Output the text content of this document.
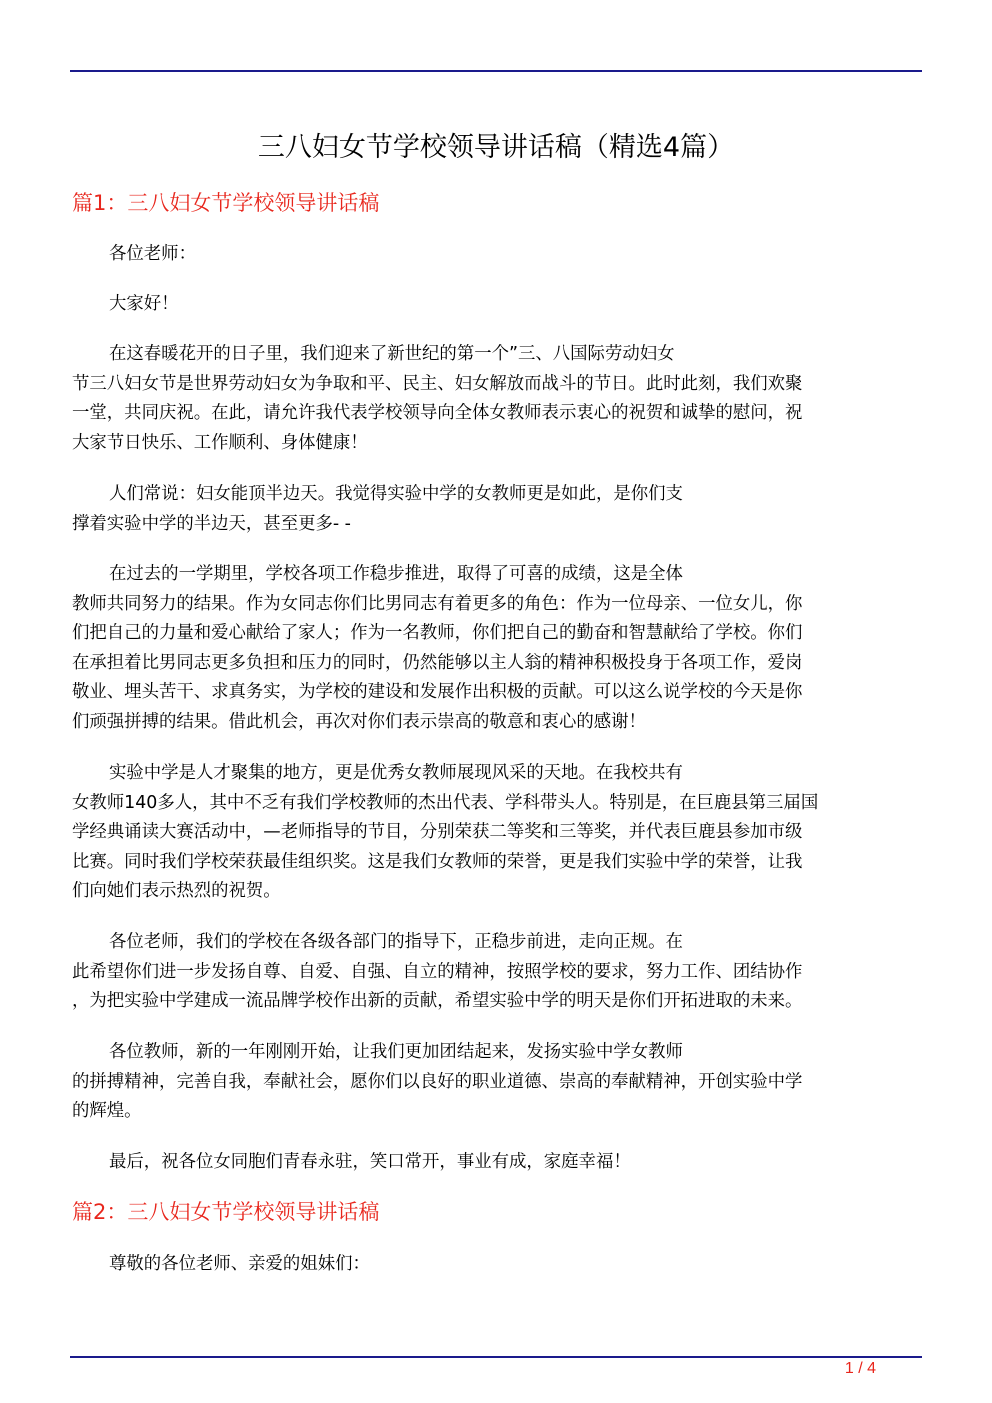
三八妇女节学校领导讲话稿（精选4篇）
篇1：三八妇女节学校领导讲话稿
各位老师：
大家好！
在这春暖花开的日子里，我们迎来了新世纪的第一个”三、八国际劳动妇女
节三八妇女节是世界劳动妇女为争取和平、民主、妇女解放而战斗的节日。此时此刻，我们欢聚
一堂，共同庆祝。在此，请允许我代表学校领导向全体女教师表示衷心的祝贺和诚挚的慰问，祝
大家节日快乐、工作顺利、身体健康！
人们常说：妇女能顶半边天。我觉得实验中学的女教师更是如此，是你们支
撑着实验中学的半边天，甚至更多- -
在过去的一学期里，学校各项工作稳步推进，取得了可喜的成绩，这是全体
教师共同努力的结果。作为女同志你们比男同志有着更多的角色：作为一位母亲、一位女儿，你
们把自己的力量和爱心献给了家人；作为一名教师，你们把自己的勤奋和智慧献给了学校。你们
在承担着比男同志更多负担和压力的同时，仍然能够以主人翁的精神积极投身于各项工作，爱岗
敬业、埋头苦干、求真务实，为学校的建设和发展作出积极的贡献。可以这么说学校的今天是你
们顽强拼搏的结果。借此机会，再次对你们表示崇高的敬意和衷心的感谢！
实验中学是人才聚集的地方，更是优秀女教师展现风采的天地。在我校共有
女教师140多人，其中不乏有我们学校教师的杰出代表、学科带头人。特别是，在巨鹿县第三届国
学经典诵读大赛活动中，—老师指导的节目，分别荣获二等奖和三等奖，并代表巨鹿县参加市级
比赛。同时我们学校荣获最佳组织奖。这是我们女教师的荣誉，更是我们实验中学的荣誉，让我
们向她们表示热烈的祝贺。
各位老师，我们的学校在各级各部门的指导下，正稳步前进，走向正规。在
此希望你们进一步发扬自尊、自爱、自强、自立的精神，按照学校的要求，努力工作、团结协作
，为把实验中学建成一流品牌学校作出新的贡献，希望实验中学的明天是你们开拓进取的未来。
各位教师，新的一年刚刚开始，让我们更加团结起来，发扬实验中学女教师
的拼搏精神，完善自我，奉献社会，愿你们以良好的职业道德、崇高的奉献精神，开创实验中学
的辉煌。
最后，祝各位女同胞们青春永驻，笑口常开，事业有成，家庭幸福！
篇2：三八妇女节学校领导讲话稿
尊敬的各位老师、亲爱的姐妹们：
1 / 4
